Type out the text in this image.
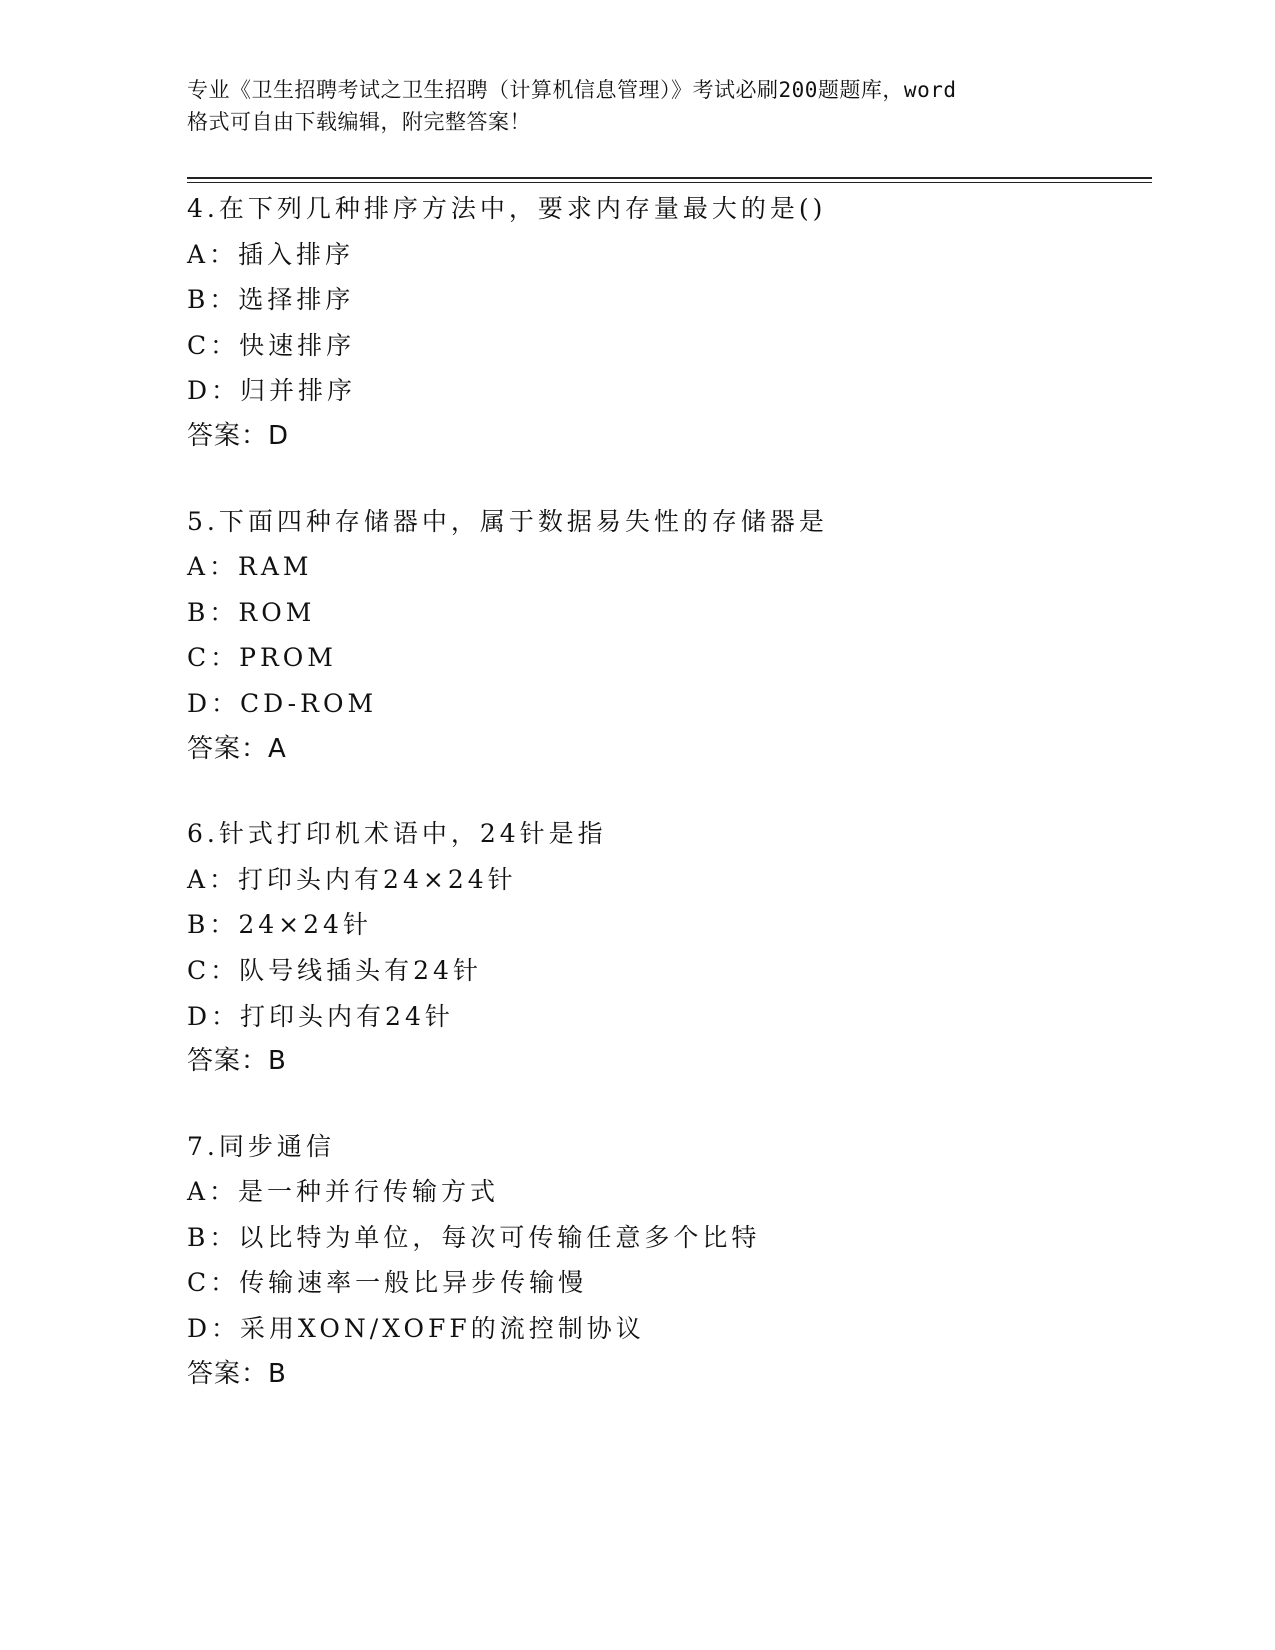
专业《卫生招聘考试之卫生招聘（计算机信息管理）》考试必刷200题题库，word
格式可自由下载编辑，附完整答案！
4.在下列几种排序方法中，要求内存量最大的是()
A：插入排序
B：选择排序
C：快速排序
D：归并排序
答案：D
5.下面四种存储器中，属于数据易失性的存储器是
A：RAM
B：ROM
C：PROM
D：CD-ROM
答案：A
6.针式打印机术语中，24针是指
A：打印头内有24×24针
B：24×24针
C：队号线插头有24针
D：打印头内有24针
答案：B
7.同步通信
A：是一种并行传输方式
B：以比特为单位，每次可传输任意多个比特
C：传输速率一般比异步传输慢
D：采用XON/XOFF的流控制协议
答案：B
